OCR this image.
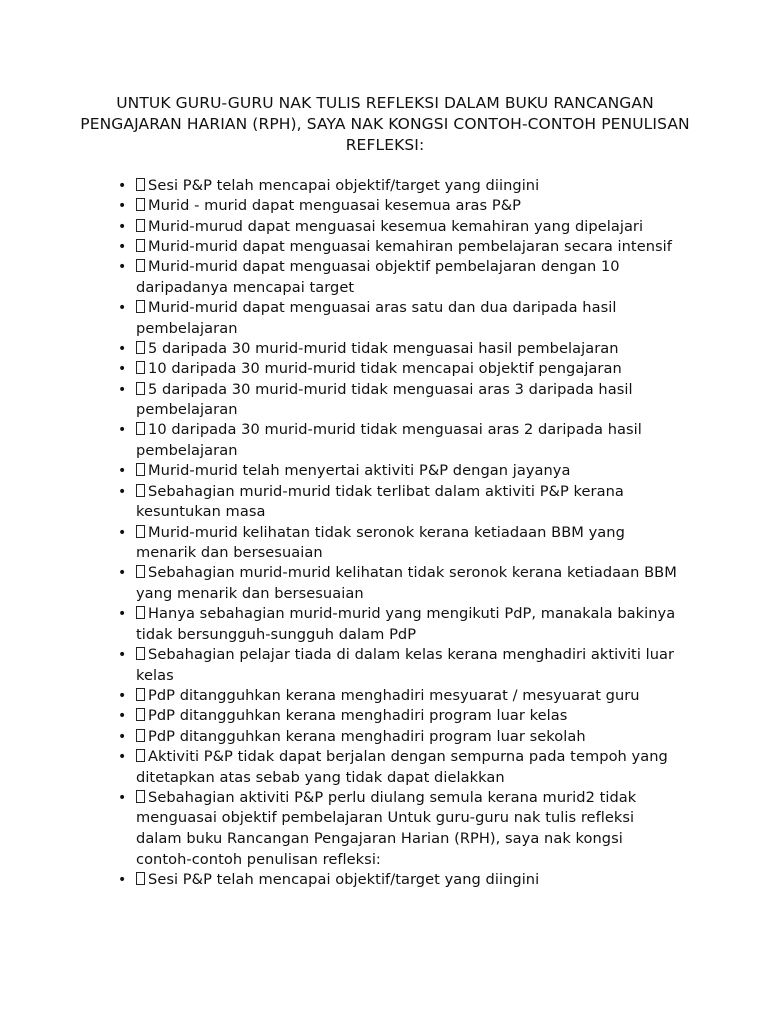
UNTUK GURU-GURU NAK TULIS REFLEKSI DALAM BUKU RANCANGAN PENGAJARAN HARIAN (RPH), SAYA NAK KONGSI CONTOH-CONTOH PENULISAN REFLEKSI:
• Sesi P&P telah mencapai objektif/target yang diingini
• Murid - murid dapat menguasai kesemua aras P&P
• Murid-murud dapat menguasai kesemua kemahiran yang dipelajari
• Murid-murid dapat menguasai kemahiran pembelajaran secara intensif
• Murid-murid dapat menguasai objektif pembelajaran dengan 10 daripadanya mencapai target
• Murid-murid dapat menguasai aras satu dan dua daripada hasil pembelajaran
• 5 daripada 30 murid-murid tidak menguasai hasil pembelajaran
• 10 daripada 30 murid-murid tidak mencapai objektif pengajaran
• 5 daripada 30 murid-murid tidak menguasai aras 3 daripada hasil pembelajaran
• 10 daripada 30 murid-murid tidak menguasai aras 2 daripada hasil pembelajaran
• Murid-murid telah menyertai aktiviti P&P dengan jayanya
• Sebahagian murid-murid tidak terlibat dalam aktiviti P&P kerana kesuntukan masa
• Murid-murid kelihatan tidak seronok kerana ketiadaan BBM yang menarik dan bersesuaian
• Sebahagian murid-murid kelihatan tidak seronok kerana ketiadaan BBM yang menarik dan bersesuaian
• Hanya sebahagian murid-murid yang mengikuti PdP, manakala bakinya tidak bersungguh-sungguh dalam PdP
• Sebahagian pelajar tiada di dalam kelas kerana menghadiri aktiviti luar kelas
• PdP ditangguhkan kerana menghadiri mesyuarat / mesyuarat guru
• PdP ditangguhkan kerana menghadiri program luar kelas
• PdP ditangguhkan kerana menghadiri program luar sekolah
• Aktiviti P&P tidak dapat berjalan dengan sempurna pada tempoh yang ditetapkan atas sebab yang tidak dapat dielakkan
• Sebahagian aktiviti P&P perlu diulang semula kerana murid2 tidak menguasai objektif pembelajaran Untuk guru-guru nak tulis refleksi dalam buku Rancangan Pengajaran Harian (RPH), saya nak kongsi contoh-contoh penulisan refleksi:
• Sesi P&P telah mencapai objektif/target yang diingini
